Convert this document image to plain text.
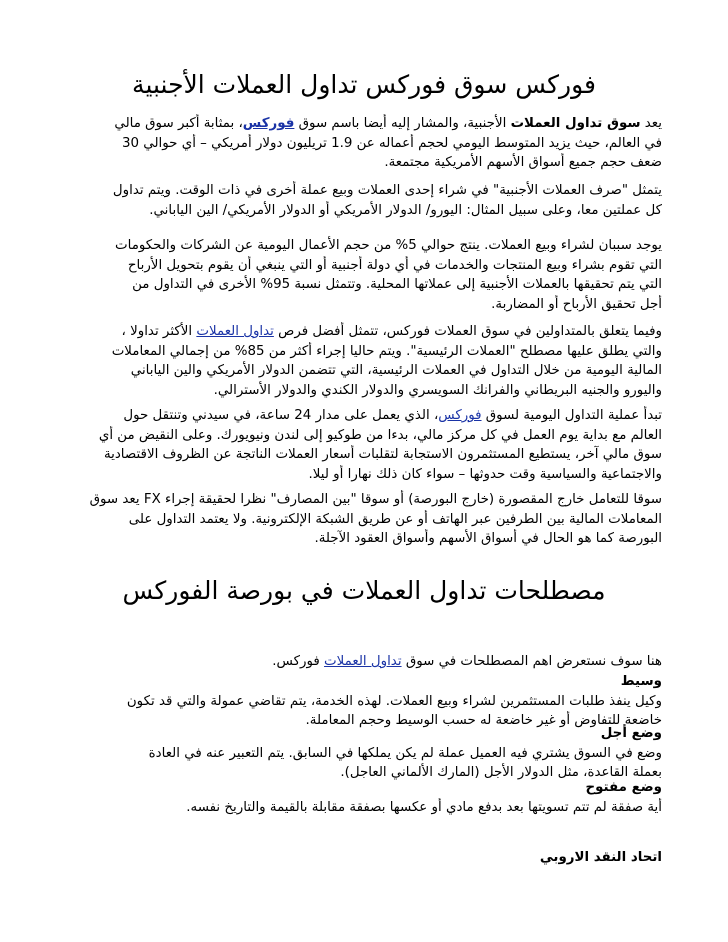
فوركس سوق فوركس تداول العملات الأجنبية
يعد سوق تداول العملات الأجنبية، والمشار إليه أيضا باسم سوق فوركس، بمثابة أكبر سوق مالي
في العالم، حيث يزيد المتوسط اليومي لحجم أعماله عن 1.9 تريليون دولار أمريكي – أي حوالي 30
ضعف حجم جميع أسواق الأسهم الأمريكية مجتمعة.
يتمثل "صرف العملات الأجنبية" في شراء إحدى العملات وبيع عملة أخرى في ذات الوقت. ويتم تداول
كل عملتين معا، وعلى سبيل المثال: اليورو/ الدولار الأمريكي أو الدولار الأمريكي/ الين الياباني.
يوجد سببان لشراء وبيع العملات. ينتج حوالي 5% من حجم الأعمال اليومية عن الشركات والحكومات
التي تقوم بشراء وبيع المنتجات والخدمات في أي دولة أجنبية أو التي ينبغي أن يقوم بتحويل الأرباح
التي يتم تحقيقها بالعملات الأجنبية إلى عملاتها المحلية. وتتمثل نسبة 95% الأخرى في التداول من
أجل تحقيق الأرباح أو المضاربة.
وفيما يتعلق بالمتداولين في سوق العملات فوركس، تتمثل أفضل فرص تداول العملات الأكثر تداولا ،
والتي يطلق عليها مصطلح "العملات الرئيسية". ويتم حاليا إجراء أكثر من 85% من إجمالي المعاملات
المالية اليومية من خلال التداول في العملات الرئيسية، التي تتضمن الدولار الأمريكي والين الياباني
واليورو والجنيه البريطاني والفرانك السويسري والدولار الكندي والدولار الأسترالي.
تبدأ عملية التداول اليومية لسوق فوركس، الذي يعمل على مدار 24 ساعة، في سيدني وتنتقل حول
العالم مع بداية يوم العمل في كل مركز مالي، بدءا من طوكيو إلى لندن ونيويورك. وعلى النقيض من أي
سوق مالي آخر، يستطيع المستثمرون الاستجابة لتقلبات أسعار العملات الناتجة عن الظروف الاقتصادية
والاجتماعية والسياسية وقت حدوثها – سواء كان ذلك نهارا أو ليلا.
سوقا للتعامل خارج المقصورة (خارج البورصة) أو سوقا "بين المصارف" نظرا لحقيقة إجراء FX يعد سوق
المعاملات المالية بين الطرفين عبر الهاتف أو عن طريق الشبكة الإلكترونية. ولا يعتمد التداول على
البورصة كما هو الحال في أسواق الأسهم وأسواق العقود الآجلة.
مصطلحات تداول العملات في بورصة الفوركس
هنا سوف نستعرض اهم المصطلحات في سوق تداول العملات فوركس.
وسيط
وكيل ينفذ طلبات المستثمرين لشراء وبيع العملات. لهذه الخدمة، يتم تقاضي عمولة والتي قد تكون
خاضعة للتفاوض أو غير خاضعة له حسب الوسيط وحجم المعاملة.
وضع أجل
وضع في السوق يشتري فيه العميل عملة لم يكن يملكها في السابق. يتم التعبير عنه في العادة
بعملة القاعدة، مثل الدولار الأجل (المارك الألماني العاجل).
وضع مفتوح
أية صفقة لم تتم تسويتها بعد بدفع مادي أو عكسها بصفقة مقابلة بالقيمة والتاريخ نفسه.
اتحاد النقد الاروبي
